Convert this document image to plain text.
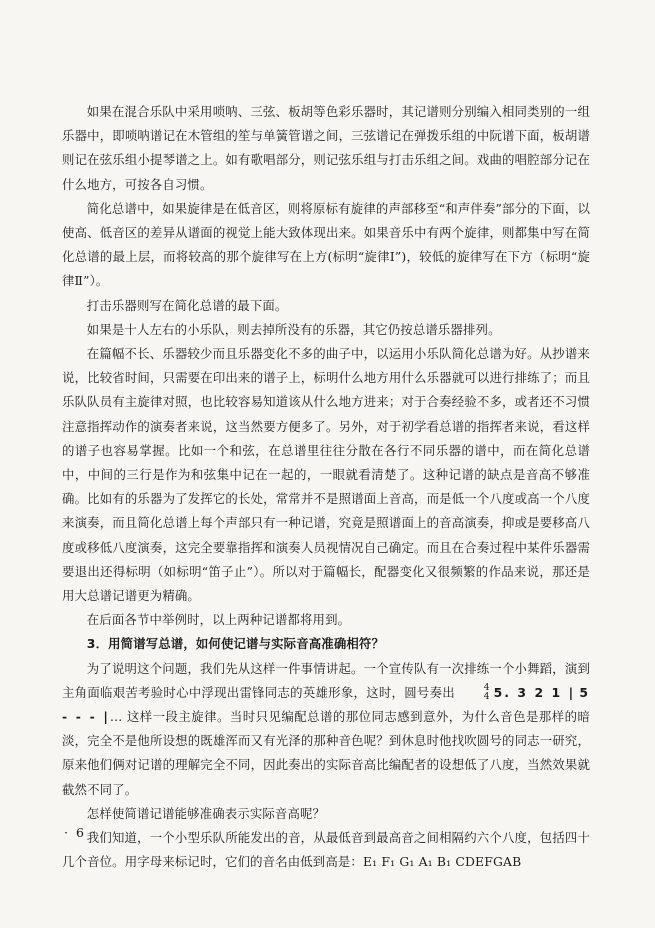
如果在混合乐队中采用唢呐、三弦、板胡等色彩乐器时，其记谱则分别编入相同类别的一组乐器中，即唢呐谱记在木管组的笙与单簧管谱之间，三弦谱记在弹拨乐组的中阮谱下面，板胡谱则记在弦乐组小提琴谱之上。如有歌唱部分，则记弦乐组与打击乐组之间。戏曲的唱腔部分记在什么地方，可按各自习惯。

简化总谱中，如果旋律是在低音区，则将原标有旋律的声部移至“和声伴奏”部分的下面，以使高、低音区的差异从谱面的视觉上能大致体现出来。如果音乐中有两个旋律，则都集中写在简化总谱的最上层，而将较高的那个旋律写在上方(标明“旋律Ⅰ”)，较低的旋律写在下方（标明“旋律Ⅱ”）。

打击乐器则写在简化总谱的最下面。

如果是十人左右的小乐队，则去掉所没有的乐器，其它仍按总谱乐器排列。

在篇幅不长、乐器较少而且乐器变化不多的曲子中，以运用小乐队简化总谱为好。从抄谱来说，比较省时间，只需要在印出来的谱子上，标明什么地方用什么乐器就可以进行排练了；而且乐队队员有主旋律对照，也比较容易知道该从什么地方进来；对于合奏经验不多，或者还不习惯注意指挥动作的演奏者来说，这当然要方便多了。另外，对于初学看总谱的指挥者来说，看这样的谱子也容易掌握。比如一个和弦，在总谱里往往分散在各行不同乐器的谱中，而在简化总谱中，中间的三行是作为和弦集中记在一起的，一眼就看清楚了。这种记谱的缺点是音高不够准确。比如有的乐器为了发挥它的长处，常常并不是照谱面上音高，而是低一个八度或高一个八度来演奏，而且简化总谱上每个声部只有一种记谱，究竟是照谱面上的音高演奏，抑或是要移高八度或移低八度演奏，这完全要靠指挥和演奏人员视情况自己确定。而且在合奏过程中某件乐器需要退出还得标明（如标明“笛子止”）。所以对于篇幅长，配器变化又很频繁的作品来说，那还是用大总谱记谱更为精确。

在后面各节中举例时，以上两种记谱都将用到。

3．用简谱写总谱，如何使记谱与实际音高准确相符？

为了说明这个问题，我们先从这样一件事情讲起。一个宣传队有一次排练一个小舞蹈，演到主角面临艰苦考验时心中浮现出雷锋同志的英雄形象，这时，圆号奏出	4
4 5. 3 2 1 | 5 - - - |… 这样一段主旋律。当时只见编配总谱的那位同志感到意外，为什么音色是那样的暗淡，完全不是他所设想的既雄浑而又有光泽的那种音色呢？到休息时他找吹圆号的同志一研究，原来他们俩对记谱的理解完全不同，因此奏出的实际音高比编配者的设想低了八度，当然效果就截然不同了。

怎样使简谱记谱能够准确表示实际音高呢？

我们知道，一个小型乐队所能发出的音，从最低音到最高音之间相隔约六个八度，包括四十几个音位。用字母来标记时，它们的音名由低到高是：E₁ F₁ G₁ A₁ B₁ CDEFGAB

· 6 ·
